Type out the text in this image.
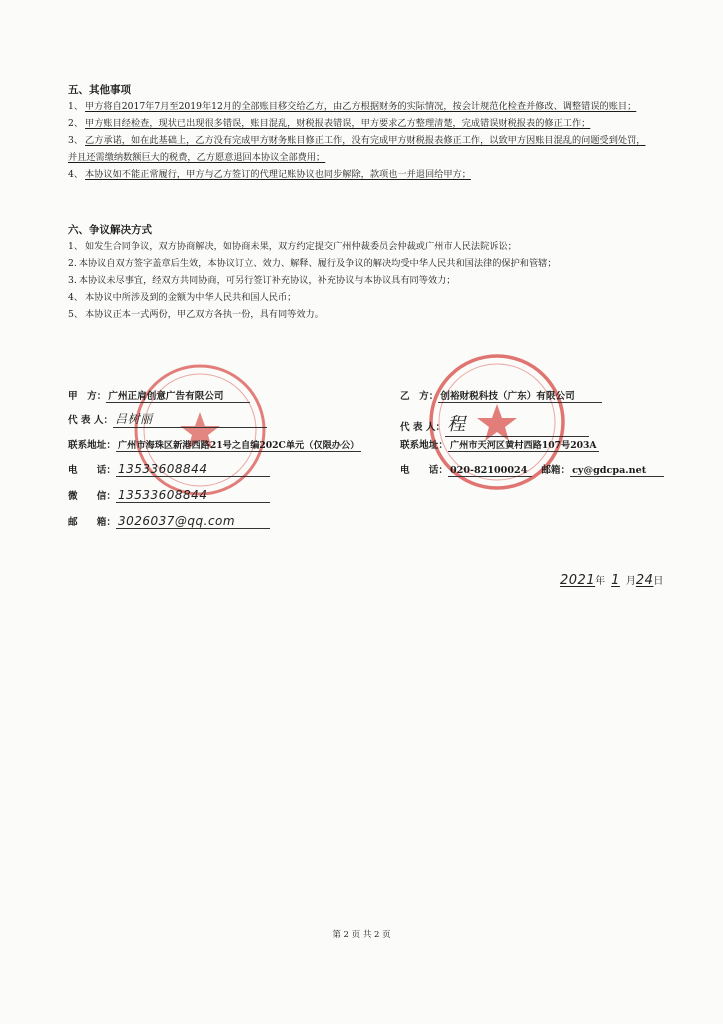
五、其他事项
1、 甲方将自2017年7月至2019年12月的全部账目移交给乙方，由乙方根据财务的实际情况，按会计规范化检查并修改、调整错误的账目；
2、 甲方账目经检查，现状已出现很多错误，账目混乱，财税报表错误，甲方要求乙方整理清楚，完成错误财税报表的修正工作；
3、 乙方承诺，如在此基础上，乙方没有完成甲方财务账目修正工作，没有完成甲方财税报表修正工作，以致甲方因账目混乱的问题受到处罚，
并且还需缴纳数额巨大的税费，乙方愿意退回本协议全部费用；
4、 本协议如不能正常履行，甲方与乙方签订的代理记账协议也同步解除，款项也一并退回给甲方；
六、争议解决方式
1、 如发生合同争议，双方协商解决，如协商未果，双方约定提交广州仲裁委员会仲裁或广州市人民法院诉讼；
2. 本协议自双方签字盖章后生效，本协议订立、效力、解释、履行及争议的解决均受中华人民共和国法律的保护和管辖；
3. 本协议未尽事宜，经双方共同协商，可另行签订补充协议，补充协议与本协议具有同等效力；
4、 本协议中所涉及到的金额为中华人民共和国人民币；
5、 本协议正本一式两份，甲乙双方各执一份，具有同等效力。
甲　方： 广州正肩创意广告有限公司
代 表 人： 吕树丽
联系地址： 广州市海珠区新港西路21号之自编202C单元（仅限办公）
电　　话： 13533608844
微　　信： 13533608844
邮　　箱： 3026037@qq.com
乙　方： 创裕财税科技（广东）有限公司
代 表 人： 程
联系地址： 广州市天河区黄村西路107号203A
电　　话： 020-82100024 邮箱： cy@gdcpa.net
2021年 1 月24日
第 2 页 共 2 页
